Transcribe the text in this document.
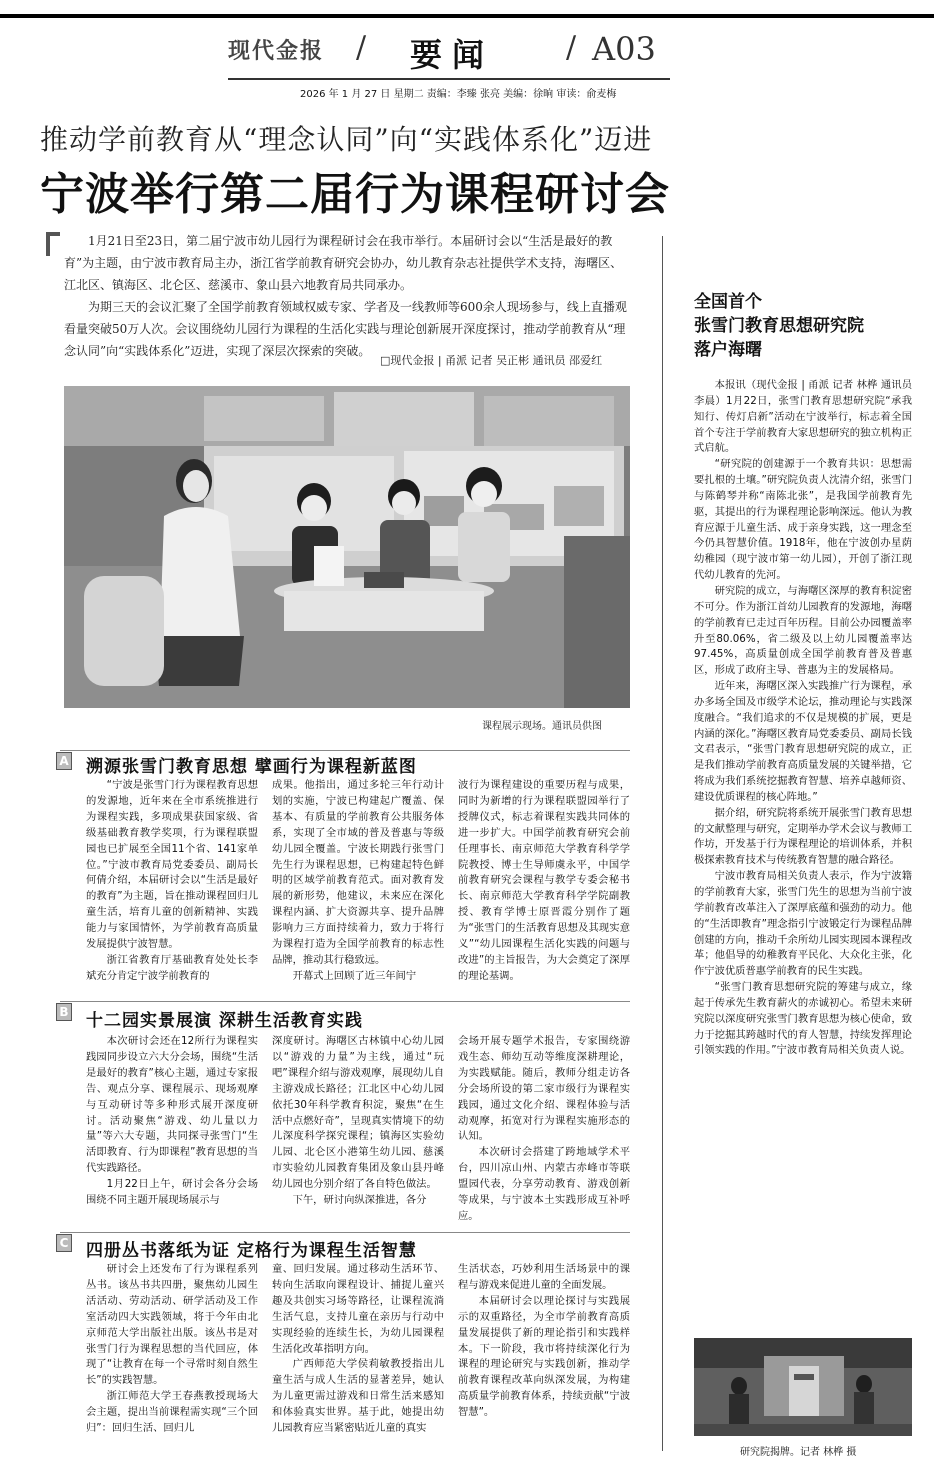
现代金报 / 要闻 / A03
2026 年 1 月 27 日 星期二 责编：李臻 张亮 美编：徐晌 审读：俞麦梅
推动学前教育从“理念认同”向“实践体系化”迈进
宁波举行第二届行为课程研讨会

1月21日至23日，第二届宁波市幼儿园行为课程研讨会在我市举行。本届研讨会以“生活是最好的教育”为主题，由宁波市教育局主办，浙江省学前教育研究会协办，幼儿教育杂志社提供学术支持，海曙区、江北区、镇海区、北仑区、慈溪市、象山县六地教育局共同承办。

为期三天的会议汇聚了全国学前教育领域权威专家、学者及一线教师等600余人现场参与，线上直播观看量突破50万人次。会议围绕幼儿园行为课程的生活化实践与理论创新展开深度探讨，推动学前教育从“理念认同”向“实践体系化”迈进，实现了深层次探索的突破。

□现代金报 | 甬派 记者 吴正彬 通讯员 邵爱红
课程展示现场。通讯员供图
A 溯源张雪门教育思想 擘画行为课程新蓝图

“宁波是张雪门行为课程教育思想的发源地，近年来在全市系统推进行为课程实践，多项成果获国家级、省级基础教育教学奖项，行为课程联盟园也已扩展至全国11个省、141家单位。”宁波市教育局党委委员、副局长何倩介绍，本届研讨会以“生活是最好的教育”为主题，旨在推动课程回归儿童生活，培育儿童的创新精神、实践能力与家国情怀，为学前教育高质量发展提供宁波智慧。

浙江省教育厅基础教育处处长李斌充分肯定宁波学前教育的

成果。他指出，通过多轮三年行动计划的实施，宁波已构建起广覆盖、保基本、有质量的学前教育公共服务体系，实现了全市域的普及普惠与等级幼儿园全覆盖。宁波长期践行张雪门先生行为课程思想，已构建起特色鲜明的区域学前教育范式。面对教育发展的新形势，他建议，未来应在深化课程内涵、扩大资源共享、提升品牌影响力三方面持续着力，致力于将行为课程打造为全国学前教育的标志性品牌，推动其行稳致远。

开幕式上回顾了近三年间宁

波行为课程建设的重要历程与成果，同时为新增的行为课程联盟园举行了授牌仪式，标志着课程实践共同体的进一步扩大。中国学前教育研究会前任理事长、南京师范大学教育科学学院教授、博士生导师虞永平，中国学前教育研究会课程与教学专委会秘书长、南京师范大学教育科学学院副教授、教育学博士原晋霞分别作了题为“张雪门的生活教育思想及其现实意义”“幼儿园课程生活化实践的问题与改进”的主旨报告，为大会奠定了深厚的理论基调。

B 十二园实景展演 深耕生活教育实践

本次研讨会还在12所行为课程实践园同步设立六大分会场，围绕“生活是最好的教育”核心主题，通过专家报告、观点分享、课程展示、现场观摩与互动研讨等多种形式展开深度研讨。活动聚焦“游戏、幼儿量以力量”等六大专题，共同探寻张雪门“生活即教育、行为即课程”教育思想的当代实践路径。

1月22日上午，研讨会各分会场围绕不同主题开展现场展示与

深度研讨。海曙区古林镇中心幼儿园以“游戏的力量”为主线，通过“玩吧”课程介绍与游戏观摩，展现幼儿自主游戏成长路径；江北区中心幼儿园依托30年科学教育积淀，聚焦“在生活中点燃好奇”，呈现真实情境下的幼儿深度科学探究课程；镇海区实验幼儿园、北仑区小港第生幼儿园、慈溪市实验幼儿园教育集团及象山县丹峰幼儿园也分别介绍了各自特色做法。

下午，研讨向纵深推进，各分

会场开展专题学术报告，专家围绕游戏生态、师幼互动等维度深耕理论，为实践赋能。随后，教师分组走访各分会场所设的第二家市级行为课程实践园，通过文化介绍、课程体验与活动观摩，拓宽对行为课程实施形态的认知。

本次研讨会搭建了跨地域学术平台，四川凉山州、内蒙古赤峰市等联盟园代表，分享劳动教育、游戏创新等成果，与宁波本土实践形成互补呼应。

C 四册丛书落纸为证 定格行为课程生活智慧

研讨会上还发布了行为课程系列丛书。该丛书共四册，聚焦幼儿园生活活动、劳动活动、研学活动及工作室活动四大实践领域，将于今年由北京师范大学出版社出版。该丛书是对张雪门行为课程思想的当代回应，体现了“让教育在每一个寻常时刻自然生长”的实践智慧。

浙江师范大学王春燕教授现场大会主题，提出当前课程需实现“三个回归”：回归生活、回归儿

童、回归发展。通过移动生活环节、转向生活取向课程设计、捕捉儿童兴趣及共创实习场等路径，让课程流淌生活气息，支持儿童在亲历与行动中实现经验的连续生长，为幼儿园课程生活化改革指明方向。

广西师范大学侯莉敏教授指出儿童生活与成人生活的显著差异，她认为儿童更需过游戏和日常生活来感知和体验真实世界。基于此，她提出幼儿园教育应当紧密贴近儿童的真实

生活状态，巧妙利用生活场景中的课程与游戏来促进儿童的全面发展。

本届研讨会以理论探讨与实践展示的双重路径，为全市学前教育高质量发展提供了新的理论指引和实践样本。下一阶段，我市将持续深化行为课程的理论研究与实践创新，推动学前教育课程改革向纵深发展，为构建高质量学前教育体系，持续贡献“宁波智慧”。

全国首个
张雪门教育思想研究院
落户海曙

本报讯（现代金报 | 甬派 记者 林桦 通讯员 李晨）1月22日，张雪门教育思想研究院“承我知行、传灯启新”活动在宁波举行，标志着全国首个专注于学前教育大家思想研究的独立机构正式启航。

“研究院的创建源于一个教育共识：思想需要扎根的土壤。”研究院负责人沈清介绍，张雪门与陈鹤琴并称“南陈北张”，是我国学前教育先驱，其提出的行为课程理论影响深远。他认为教育应源于儿童生活、成于亲身实践，这一理念至今仍具智慧价值。1918年，他在宁波创办星荫幼稚园（现宁波市第一幼儿园），开创了浙江现代幼儿教育的先河。

研究院的成立，与海曙区深厚的教育积淀密不可分。作为浙江首幼儿园教育的发源地，海曙的学前教育已走过百年历程。目前公办园覆盖率升至80.06%，省二级及以上幼儿园覆盖率达97.45%，高质量创成全国学前教育普及普惠区，形成了政府主导、普惠为主的发展格局。

近年来，海曙区深入实践推广行为课程，承办多场全国及市级学术论坛，推动理论与实践深度融合。“我们追求的不仅是规模的扩展，更是内涵的深化。”海曙区教育局党委委员、副局长钱文君表示，“张雪门教育思想研究院的成立，正是我们推动学前教育高质量发展的关键举措，它将成为我们系统挖掘教育智慧、培养卓越师资、建设优质课程的核心阵地。”

据介绍，研究院将系统开展张雪门教育思想的文献整理与研究，定期举办学术会议与教师工作坊，开发基于行为课程理论的培训体系，并积极探索教育技术与传统教育智慧的融合路径。

宁波市教育局相关负责人表示，作为宁波籍的学前教育大家，张雪门先生的思想为当前宁波学前教育改革注入了深厚底蕴和强劲的动力。他的“生活即教育”理念指引宁波锻定行为课程品牌创建的方向，推动千余所幼儿园实现园本课程改革；他倡导的幼稚教育平民化、大众化主张，化作宁波优质普惠学前教育的民生实践。

“张雪门教育思想研究院的筹建与成立，缘起于传承先生教育薪火的赤诚初心。希望未来研究院以深度研究张雪门教育思想为核心使命，致力于挖掘其跨越时代的育人智慧，持续发挥理论引领实践的作用。”宁波市教育局相关负责人说。

研究院揭牌。记者 林桦 摄
